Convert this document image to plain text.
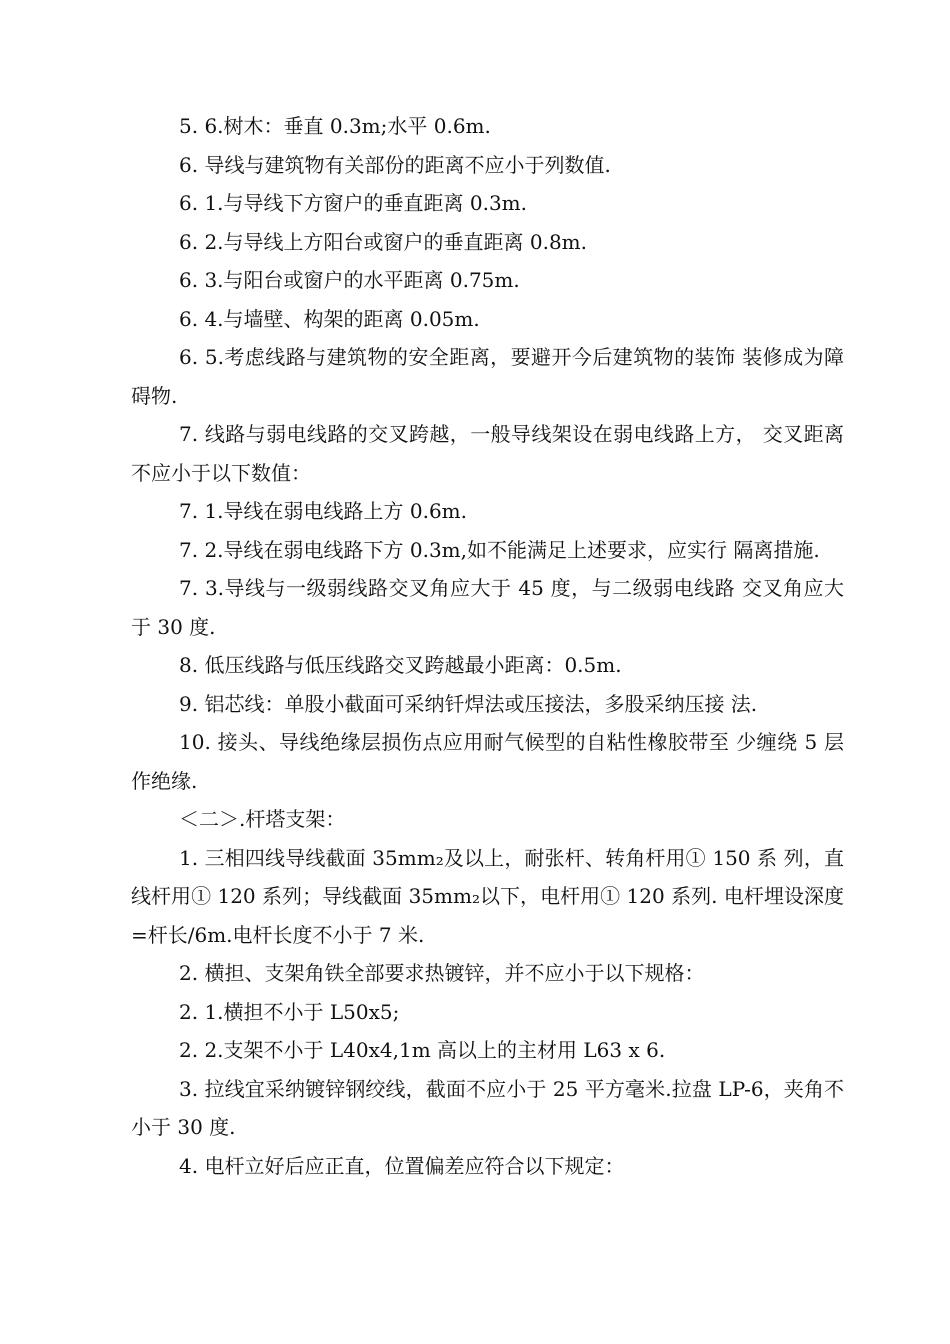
5. 6.树木：垂直 0.3m;水平 0.6m.

6. 导线与建筑物有关部份的距离不应小于列数值.

6. 1.与导线下方窗户的垂直距离 0.3m.

6. 2.与导线上方阳台或窗户的垂直距离 0.8m.

6. 3.与阳台或窗户的水平距离 0.75m.

6. 4.与墙壁、构架的距离 0.05m.

6. 5.考虑线路与建筑物的安全距离，要避开今后建筑物的装饰 装修成为障碍物.

7. 线路与弱电线路的交叉跨越，一般导线架设在弱电线路上方， 交叉距离不应小于以下数值：

7. 1.导线在弱电线路上方 0.6m.

7. 2.导线在弱电线路下方 0.3m,如不能满足上述要求，应实行 隔离措施.

7. 3.导线与一级弱线路交叉角应大于 45 度，与二级弱电线路 交叉角应大于 30 度.

8. 低压线路与低压线路交叉跨越最小距离：0.5m.

9. 铝芯线：单股小截面可采纳钎焊法或压接法，多股采纳压接 法.

10. 接头、导线绝缘层损伤点应用耐气候型的自粘性橡胶带至 少缠绕 5 层作绝缘.

＜二＞.杆塔支架：

1. 三相四线导线截面 35mm₂及以上，耐张杆、转角杆用① 150 系 列，直线杆用① 120 系列；导线截面 35mm₂以下，电杆用① 120 系列. 电杆埋设深度=杆长/6m.电杆长度不小于 7 米.

2. 横担、支架角铁全部要求热镀锌，并不应小于以下规格：

2. 1.横担不小于 L50x5;

2. 2.支架不小于 L40x4,1m 高以上的主材用 L63 x 6.

3. 拉线宜采纳镀锌钢绞线，截面不应小于 25 平方毫米.拉盘 LP-6，夹角不小于 30 度.

4. 电杆立好后应正直，位置偏差应符合以下规定：
